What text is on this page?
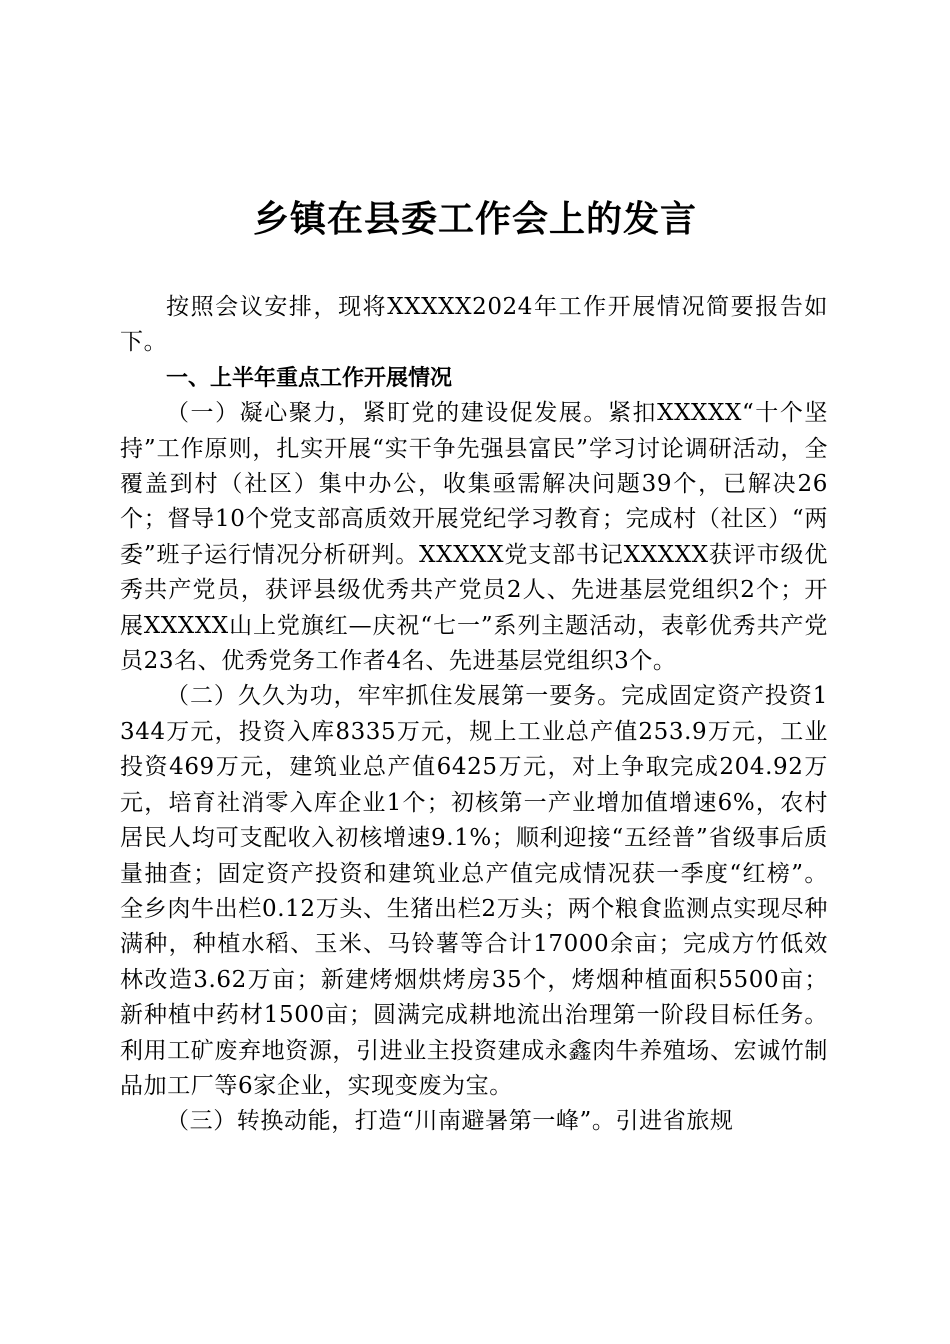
乡镇在县委工作会上的发言

按照会议安排，现将XXXXX2024年工作开展情况简要报告如下。

一、上半年重点工作开展情况

（一）凝心聚力，紧盯党的建设促发展。紧扣XXXXX“十个坚持”工作原则，扎实开展“实干争先强县富民”学习讨论调研活动，全覆盖到村（社区）集中办公，收集亟需解决问题39个，已解决26个；督导10个党支部高质效开展党纪学习教育；完成村（社区）“两委”班子运行情况分析研判。XXXXX党支部书记XXXXX获评市级优秀共产党员，获评县级优秀共产党员2人、先进基层党组织2个；开展XXXXX山上党旗红—庆祝“七一”系列主题活动，表彰优秀共产党员23名、优秀党务工作者4名、先进基层党组织3个。

（二）久久为功，牢牢抓住发展第一要务。完成固定资产投资1344万元，投资入库8335万元，规上工业总产值253.9万元，工业投资469万元，建筑业总产值6425万元，对上争取完成204.92万元，培育社消零入库企业1个；初核第一产业增加值增速6%，农村居民人均可支配收入初核增速9.1%；顺利迎接“五经普”省级事后质量抽查；固定资产投资和建筑业总产值完成情况获一季度“红榜”。全乡肉牛出栏0.12万头、生猪出栏2万头；两个粮食监测点实现尽种满种，种植水稻、玉米、马铃薯等合计17000余亩；完成方竹低效林改造3.62万亩；新建烤烟烘烤房35个，烤烟种植面积5500亩；新种植中药材1500亩；圆满完成耕地流出治理第一阶段目标任务。利用工矿废弃地资源，引进业主投资建成永鑫肉牛养殖场、宏诚竹制品加工厂等6家企业，实现变废为宝。

（三）转换动能，打造“川南避暑第一峰”。引进省旅规
